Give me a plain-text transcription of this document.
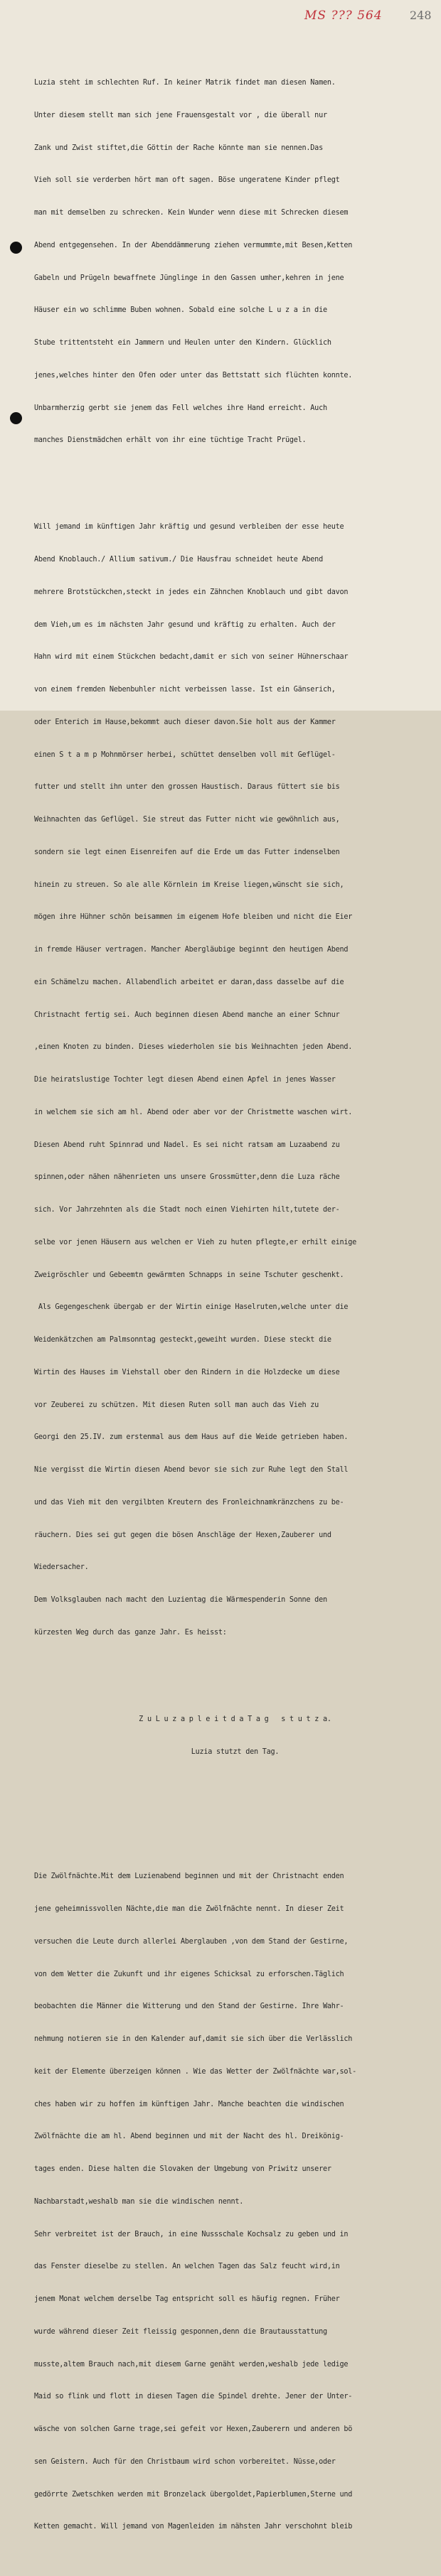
MS ??? 564 248

Luzia steht im schlechten Ruf. In keiner Matrik findet man diesen Namen.

Unter diesem stellt man sich jene Frauensgestalt vor , die überall nur

Zank und Zwist stiftet,die Göttin der Rache könnte man sie nennen.Das

Vieh soll sie verderben hört man oft sagen. Böse ungeratene Kinder pflegt

man mit demselben zu schrecken. Kein Wunder wenn diese mit Schrecken diesem

Abend entgegensehen. In der Abenddämmerung ziehen vermummte,mit Besen,Ketten

Gabeln und Prügeln bewaffnete Jünglinge in den Gassen umher,kehren in jene

Häuser ein wo schlimme Buben wohnen. Sobald eine solche L u z a in die

Stube trittentsteht ein Jammern und Heulen unter den Kindern. Glücklich

jenes,welches hinter den Ofen oder unter das Bettstatt sich flüchten konnte.

Unbarmherzig gerbt sie jenem das Fell welches ihre Hand erreicht. Auch

manches Dienstmädchen erhält von ihr eine tüchtige Tracht Prügel.

Will jemand im künftigen Jahr kräftig und gesund verbleiben der esse heute

Abend Knoblauch./ Allium sativum./ Die Hausfrau schneidet heute Abend

mehrere Brotstückchen,steckt in jedes ein Zähnchen Knoblauch und gibt davon

dem Vieh,um es im nächsten Jahr gesund und kräftig zu erhalten. Auch der

Hahn wird mit einem Stückchen bedacht,damit er sich von seiner Hühnerschaar

von einem fremden Nebenbuhler nicht verbeissen lasse. Ist ein Gänserich,

oder Enterich im Hause,bekommt auch dieser davon.Sie holt aus der Kammer

einen S t a m p Mohnmörser herbei, schüttet denselben voll mit Geflügel-

futter und stellt ihn unter den grossen Haustisch. Daraus füttert sie bis

Weihnachten das Geflügel. Sie streut das Futter nicht wie gewöhnlich aus,

sondern sie legt einen Eisenreifen auf die Erde um das Futter indenselben

hinein zu streuen. So ale alle Körnlein im Kreise liegen,wünscht sie sich,

mögen ihre Hühner schön beisammen im eigenem Hofe bleiben und nicht die Eier

in fremde Häuser vertragen. Mancher Abergläubige beginnt den heutigen Abend

ein Schämelzu machen. Allabendlich arbeitet er daran,dass dasselbe auf die

Christnacht fertig sei. Auch beginnen diesen Abend manche an einer Schnur

,einen Knoten zu binden. Dieses wiederholen sie bis Weihnachten jeden Abend.

Die heiratslustige Tochter legt diesen Abend einen Apfel in jenes Wasser

in welchem sie sich am hl. Abend oder aber vor der Christmette waschen wirt.

Diesen Abend ruht Spinnrad und Nadel. Es sei nicht ratsam am Luzaabend zu

spinnen,oder nähen nähenrieten uns unsere Grossmütter,denn die Luza räche

sich. Vor Jahrzehnten als die Stadt noch einen Viehirten hilt,tutete der-

selbe vor jenen Häusern aus welchen er Vieh zu huten pflegte,er erhilt einige

Zweigröschler und Gebeemtn gewärmten Schnapps in seine Tschuter geschenkt.

Als Gegengeschenk übergab er der Wirtin einige Haselruten,welche unter die

Weidenkätzchen am Palmsonntag gesteckt,geweiht wurden. Diese steckt die

Wirtin des Hauses im Viehstall ober den Rindern in die Holzdecke um diese

vor Zeuberei zu schützen. Mit diesen Ruten soll man auch das Vieh zu

Georgi den 25.IV. zum erstenmal aus dem Haus auf die Weide getrieben haben.

Nie vergisst die Wirtin diesen Abend bevor sie sich zur Ruhe legt den Stall

und das Vieh mit den vergilbten Kreutern des Fronleichnamkränzchens zu be-

räuchern. Dies sei gut gegen die bösen Anschläge der Hexen,Zauberer und

Wiedersacher.

Dem Volksglauben nach macht den Luzientag die Wärmespenderin Sonne den

kürzesten Weg durch das ganze Jahr. Es heisst:

Z u L u z a p l e i t d a T a g   s t u t z a.

Luzia stutzt den Tag.

Die Zwölfnächte.Mit dem Luzienabend beginnen und mit der Christnacht enden

jene geheimnissvollen Nächte,die man die Zwölfnächte nennt. In dieser Zeit

versuchen die Leute durch allerlei Aberglauben ,von dem Stand der Gestirne,

von dem Wetter die Zukunft und ihr eigenes Schicksal zu erforschen.Täglich

beobachten die Männer die Witterung und den Stand der Gestirne. Ihre Wahr-

nehmung notieren sie in den Kalender auf,damit sie sich über die Verlässlich

keit der Elemente überzeigen können . Wie das Wetter der Zwölfnächte war,sol-

ches haben wir zu hoffen im künftigen Jahr. Manche beachten die windischen

Zwölfnächte die am hl. Abend beginnen und mit der Nacht des hl. Dreikönig-

tages enden. Diese halten die Slovaken der Umgebung von Priwitz unserer

Nachbarstadt,weshalb man sie die windischen nennt.

Sehr verbreitet ist der Brauch, in eine Nussschale Kochsalz zu geben und in

das Fenster dieselbe zu stellen. An welchen Tagen das Salz feucht wird,in

jenem Monat welchem derselbe Tag entspricht soll es häufig regnen. Früher

wurde während dieser Zeit fleissig gesponnen,denn die Brautausstattung

musste,altem Brauch nach,mit diesem Garne genäht werden,weshalb jede ledige

Maid so flink und flott in diesen Tagen die Spindel drehte. Jener der Unter-

wäsche von solchen Garne trage,sei gefeit vor Hexen,Zauberern und anderen bö

sen Geistern. Auch für den Christbaum wird schon vorbereitet. Nüsse,oder

gedörrte Zwetschken werden mit Bronzelack übergoldet,Papierblumen,Sterne und

Ketten gemacht. Will jemand von Magenleiden im nähsten Jahr verschohnt bleib
